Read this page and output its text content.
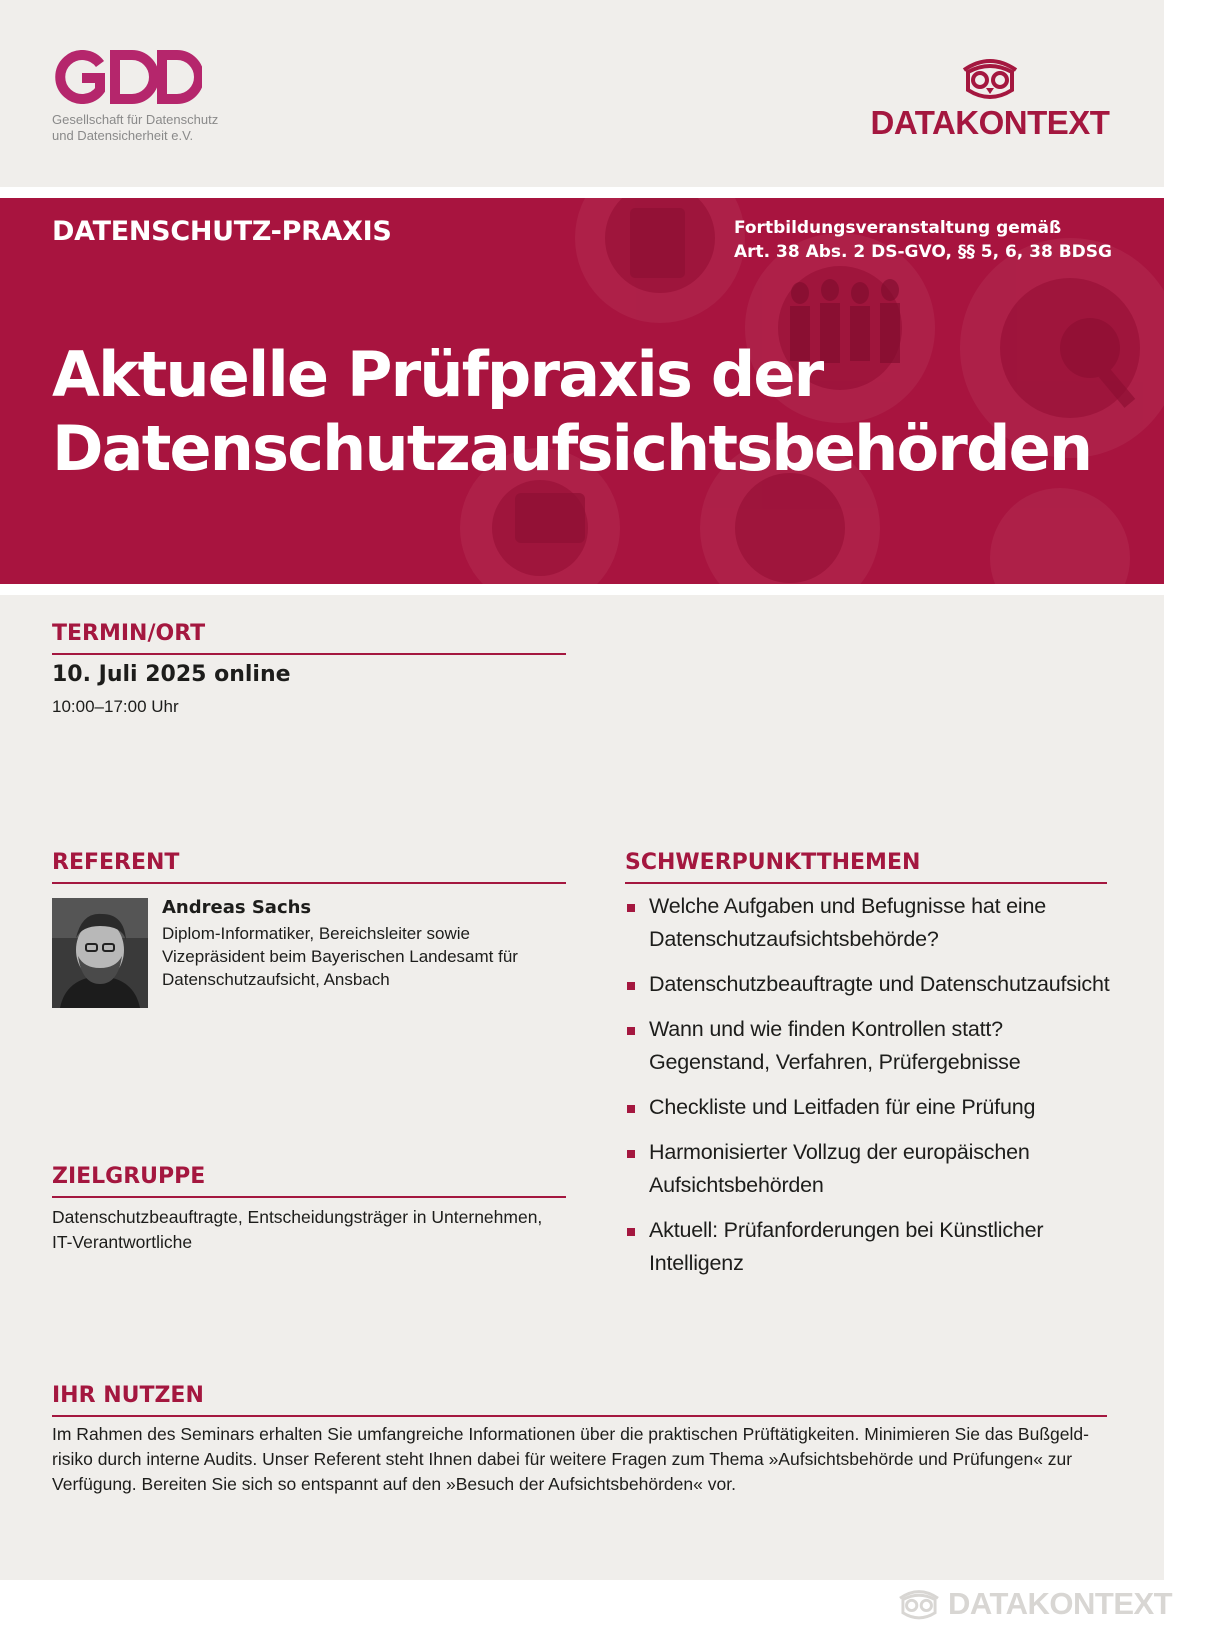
Gesellschaft für Datenschutz
und Datensicherheit e.V.	DATAKONTEXT
DATENSCHUTZ-PRAXIS	Fortbildungsveranstaltung gemäß
Art. 38 Abs. 2 DS-GVO, §§ 5, 6, 38 BDSG
Aktuelle Prüfpraxis der
Datenschutzaufsichtsbehörden
TERMIN/ORT
10. Juli 2025 online
10:00–17:00 Uhr
REFERENT
Andreas Sachs
Diplom-Informatiker, Bereichsleiter sowie
Vizepräsident beim Bayerischen Landesamt für
Datenschutzaufsicht, Ansbach
ZIELGRUPPE
Datenschutzbeauftragte, Entscheidungsträger in Unternehmen,
IT-Verantwortliche
SCHWERPUNKTTHEMEN
Welche Aufgaben und Befugnisse hat eine
Datenschutzaufsichtsbehörde?
Datenschutzbeauftragte und Datenschutzaufsicht
Wann und wie finden Kontrollen statt?
Gegenstand, Verfahren, Prüfergebnisse
Checkliste und Leitfaden für eine Prüfung
Harmonisierter Vollzug der europäischen
Aufsichtsbehörden
Aktuell: Prüfanforderungen bei Künstlicher
Intelligenz
IHR NUTZEN
Im Rahmen des Seminars erhalten Sie umfangreiche Informationen über die praktischen Prüftätigkeiten. Minimieren Sie das Bußgeld-
risiko durch interne Audits. Unser Referent steht Ihnen dabei für weitere Fragen zum Thema »Aufsichtsbehörde und Prüfungen« zur
Verfügung. Bereiten Sie sich so entspannt auf den »Besuch der Aufsichtsbehörden« vor.
DATAKONTEXT
